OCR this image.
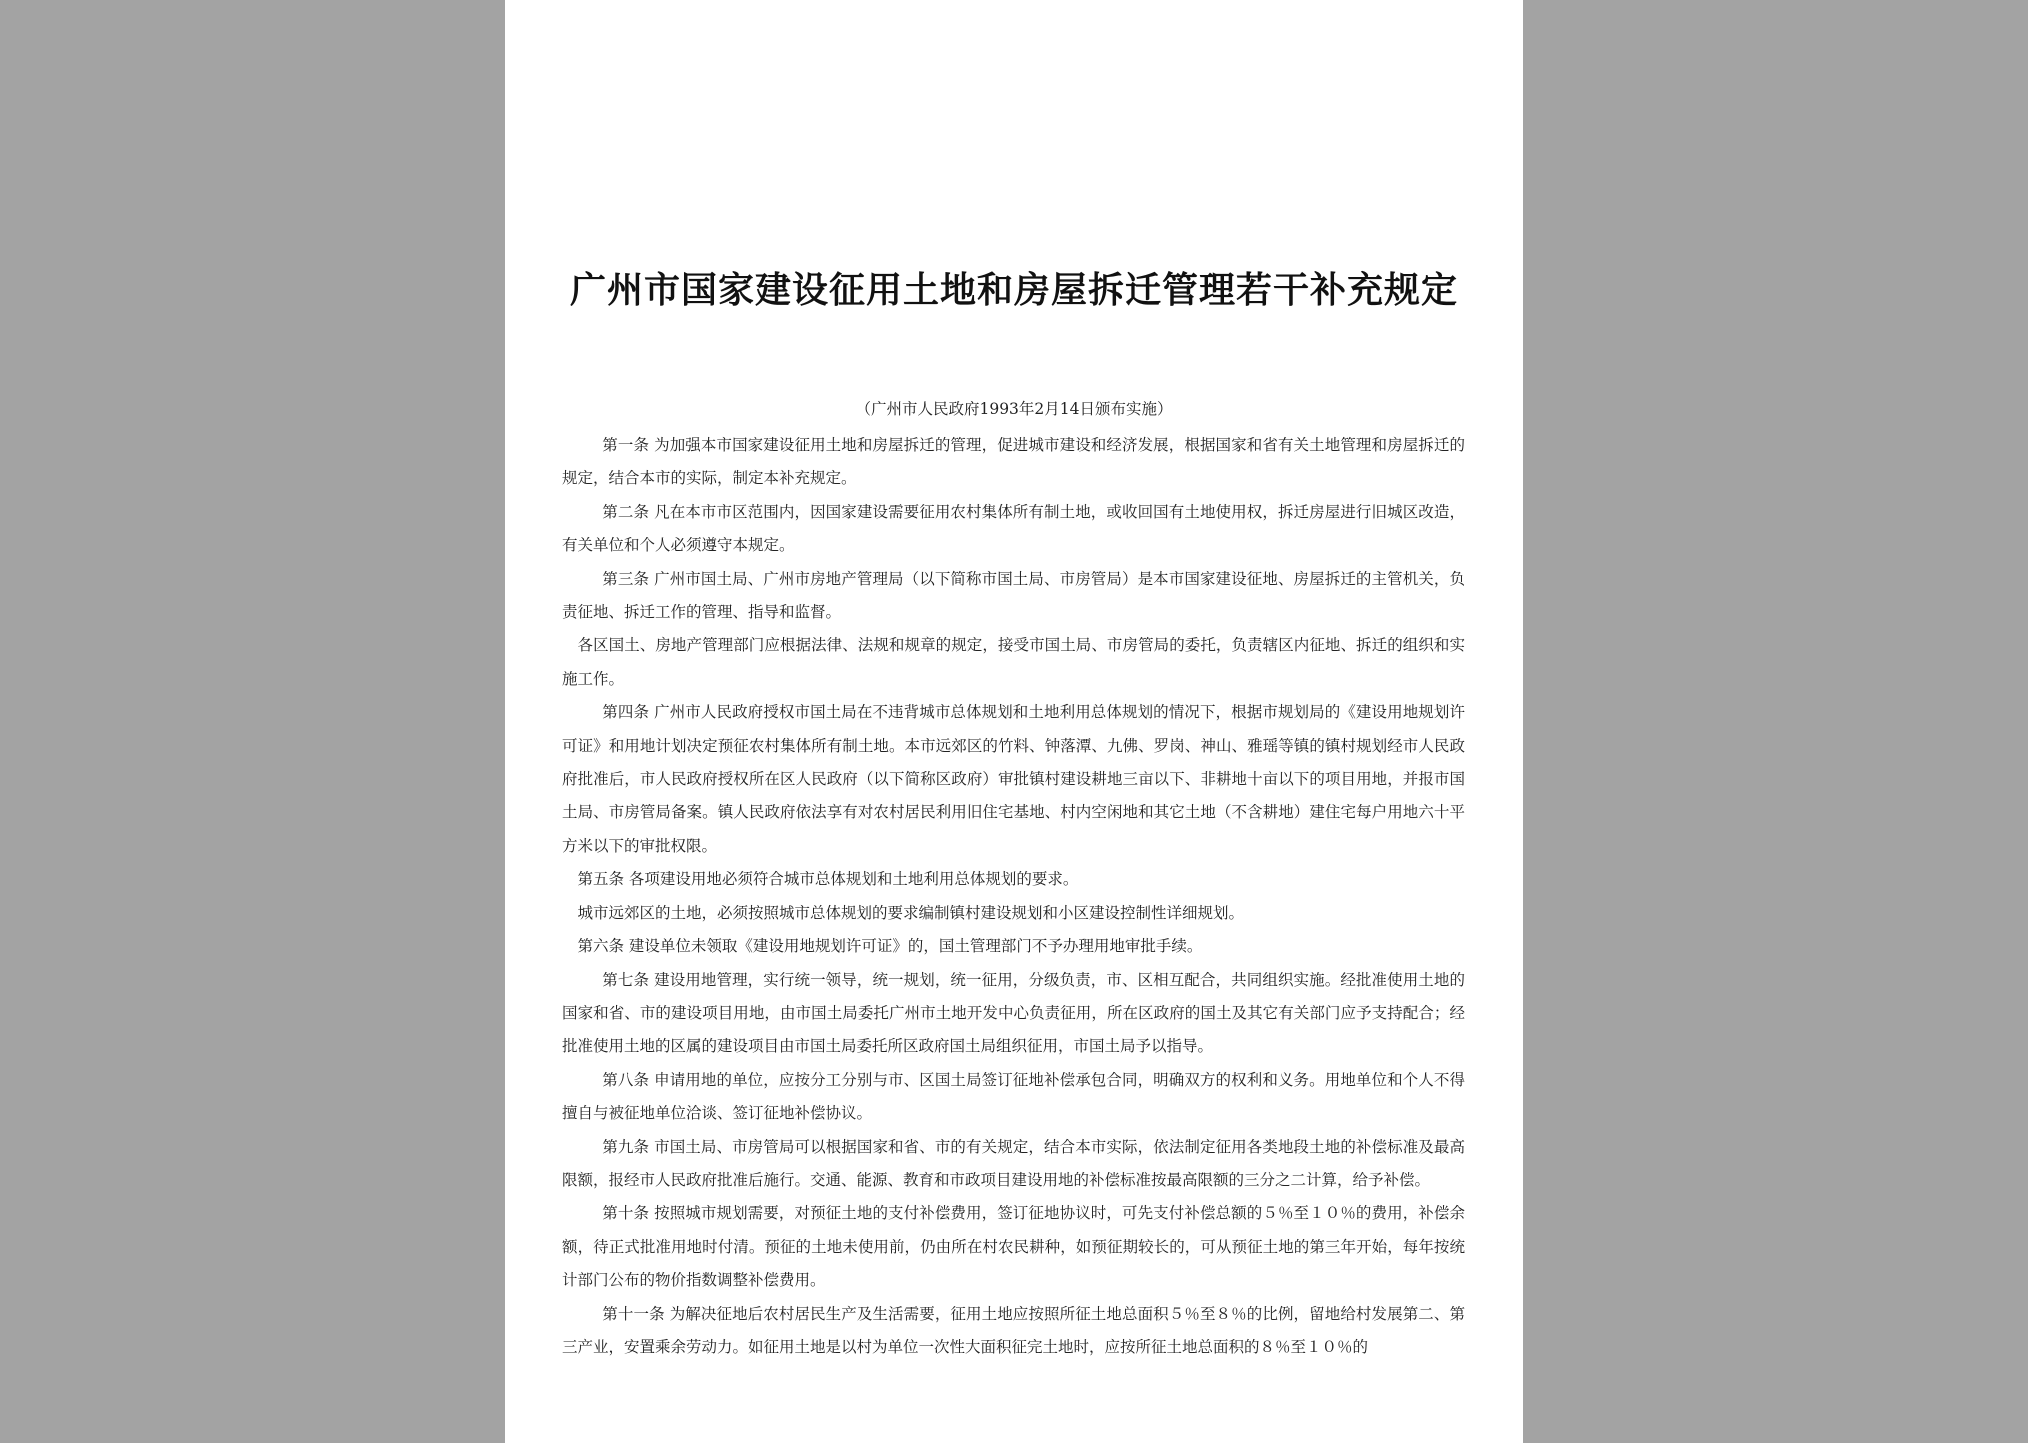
广州市国家建设征用土地和房屋拆迁管理若干补充规定

（广州市人民政府1993年2月14日颁布实施）

第一条 为加强本市国家建设征用土地和房屋拆迁的管理，促进城市建设和经济发展，根据国家和省有关土地管理和房屋拆迁的规定，结合本市的实际，制定本补充规定。

第二条 凡在本市市区范围内，因国家建设需要征用农村集体所有制土地，或收回国有土地使用权，拆迁房屋进行旧城区改造，有关单位和个人必须遵守本规定。

第三条 广州市国土局、广州市房地产管理局（以下简称市国土局、市房管局）是本市国家建设征地、房屋拆迁的主管机关，负责征地、拆迁工作的管理、指导和监督。

各区国土、房地产管理部门应根据法律、法规和规章的规定，接受市国土局、市房管局的委托，负责辖区内征地、拆迁的组织和实施工作。

第四条 广州市人民政府授权市国土局在不违背城市总体规划和土地利用总体规划的情况下，根据市规划局的《建设用地规划许可证》和用地计划决定预征农村集体所有制土地。本市远郊区的竹料、钟落潭、九佛、罗岗、神山、雅瑶等镇的镇村规划经市人民政府批准后，市人民政府授权所在区人民政府（以下简称区政府）审批镇村建设耕地三亩以下、非耕地十亩以下的项目用地，并报市国土局、市房管局备案。镇人民政府依法享有对农村居民利用旧住宅基地、村内空闲地和其它土地（不含耕地）建住宅每户用地六十平方米以下的审批权限。

第五条 各项建设用地必须符合城市总体规划和土地利用总体规划的要求。

城市远郊区的土地，必须按照城市总体规划的要求编制镇村建设规划和小区建设控制性详细规划。

第六条 建设单位未领取《建设用地规划许可证》的，国土管理部门不予办理用地审批手续。

第七条 建设用地管理，实行统一领导，统一规划，统一征用，分级负责，市、区相互配合，共同组织实施。经批准使用土地的国家和省、市的建设项目用地，由市国土局委托广州市土地开发中心负责征用，所在区政府的国土及其它有关部门应予支持配合；经批准使用土地的区属的建设项目由市国土局委托所区政府国土局组织征用，市国土局予以指导。

第八条 申请用地的单位，应按分工分别与市、区国土局签订征地补偿承包合同，明确双方的权利和义务。用地单位和个人不得擅自与被征地单位洽谈、签订征地补偿协议。

第九条 市国土局、市房管局可以根据国家和省、市的有关规定，结合本市实际，依法制定征用各类地段土地的补偿标准及最高限额，报经市人民政府批准后施行。交通、能源、教育和市政项目建设用地的补偿标准按最高限额的三分之二计算，给予补偿。

第十条 按照城市规划需要，对预征土地的支付补偿费用，签订征地协议时，可先支付补偿总额的５％至１０％的费用，补偿余额，待正式批准用地时付清。预征的土地未使用前，仍由所在村农民耕种，如预征期较长的，可从预征土地的第三年开始，每年按统计部门公布的物价指数调整补偿费用。

第十一条 为解决征地后农村居民生产及生活需要，征用土地应按照所征土地总面积５％至８％的比例，留地给村发展第二、第三产业，安置乘余劳动力。如征用土地是以村为单位一次性大面积征完土地时，应按所征土地总面积的８％至１０％的
